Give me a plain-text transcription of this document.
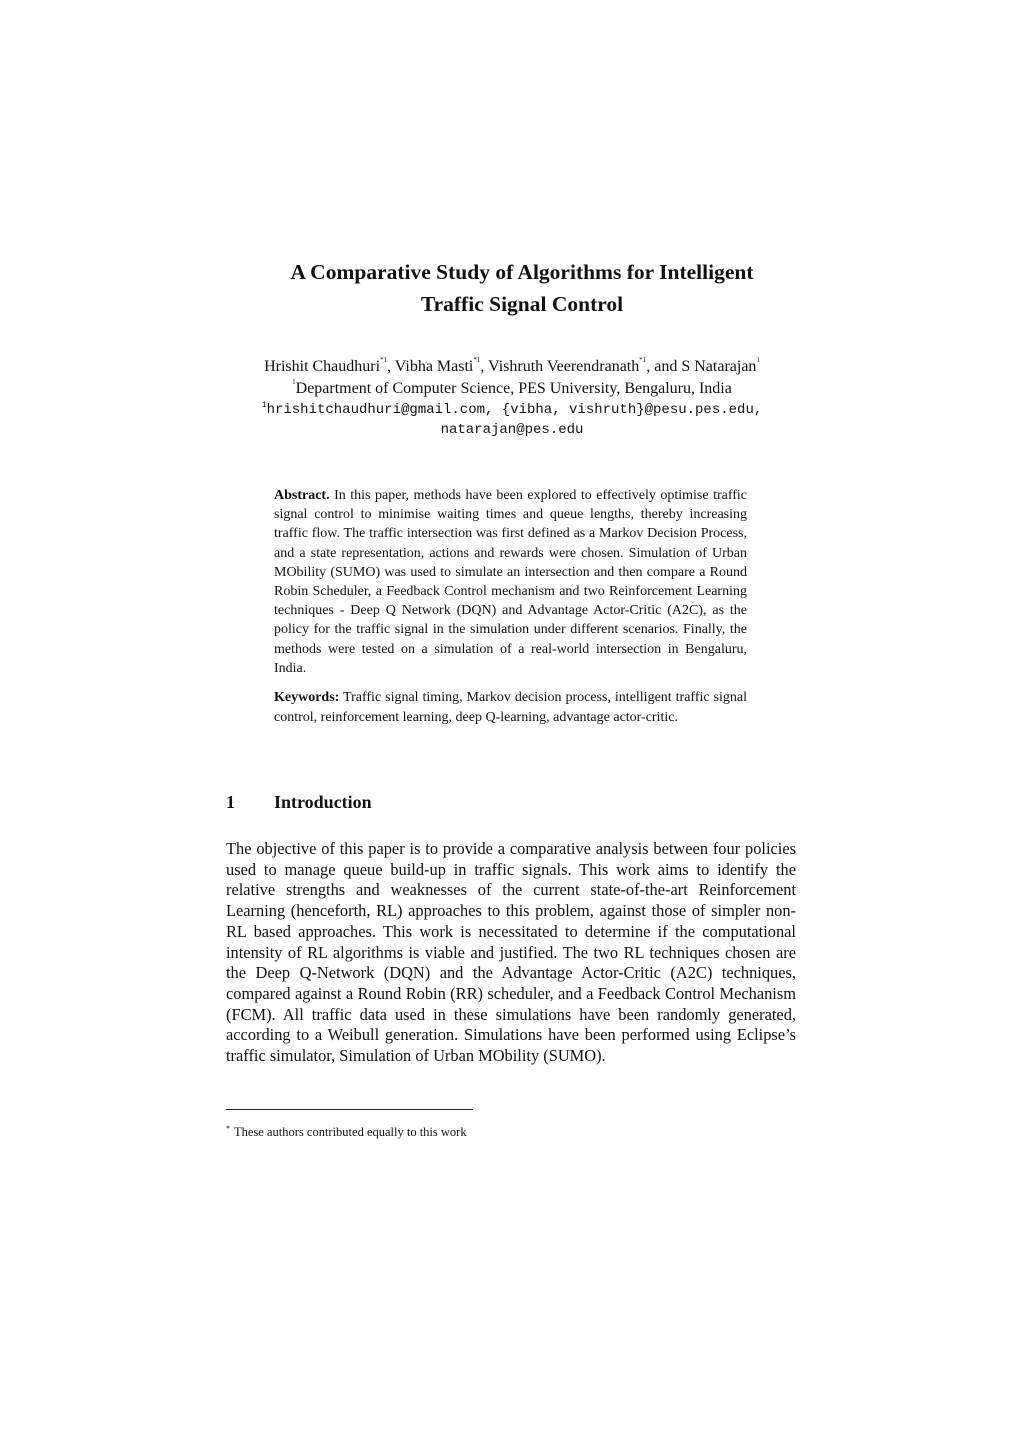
A Comparative Study of Algorithms for Intelligent
Traffic Signal Control
Hrishit Chaudhuri$^{*1}$, Vibha Masti$^{*1}$, Vishruth Veerendranath$^{*1}$, and S Natarajan$^1$
$^1$Department of Computer Science, PES University, Bengaluru, India
$^1$hrishitchaudhuri@gmail.com, {vibha, vishruth}@pesu.pes.edu,
natarajan@pes.edu

Abstract. In this paper, methods have been explored to effectively optimise traffic signal control to minimise waiting times and queue lengths, thereby increasing traffic flow. The traffic intersection was first defined as a Markov Decision Process, and a state representation, actions and rewards were chosen. Simulation of Urban MObility (SUMO) was used to simulate an intersection and then compare a Round Robin Scheduler, a Feedback Control mechanism and two Reinforcement Learning techniques - Deep Q Network (DQN) and Advantage Actor-Critic (A2C), as the policy for the traffic signal in the simulation under different scenarios. Finally, the methods were tested on a simulation of a real-world intersection in Bengaluru, India.

Keywords: Traffic signal timing, Markov decision process, intelligent traffic signal control, reinforcement learning, deep Q-learning, advantage actor-critic.

1 Introduction

The objective of this paper is to provide a comparative analysis between four policies used to manage queue build-up in traffic signals. This work aims to identify the relative strengths and weaknesses of the current state-of-the-art Reinforcement Learning (henceforth, RL) approaches to this problem, against those of simpler non-RL based approaches. This work is necessitated to determine if the computational intensity of RL algorithms is viable and justified. The two RL techniques chosen are the Deep Q-Network (DQN) and the Advantage Actor-Critic (A2C) techniques, compared against a Round Robin (RR) scheduler, and a Feedback Control Mechanism (FCM). All traffic data used in these simulations have been randomly generated, according to a Weibull generation. Simulations have been performed using Eclipse’s traffic simulator, Simulation of Urban MObility (SUMO).

* These authors contributed equally to this work
